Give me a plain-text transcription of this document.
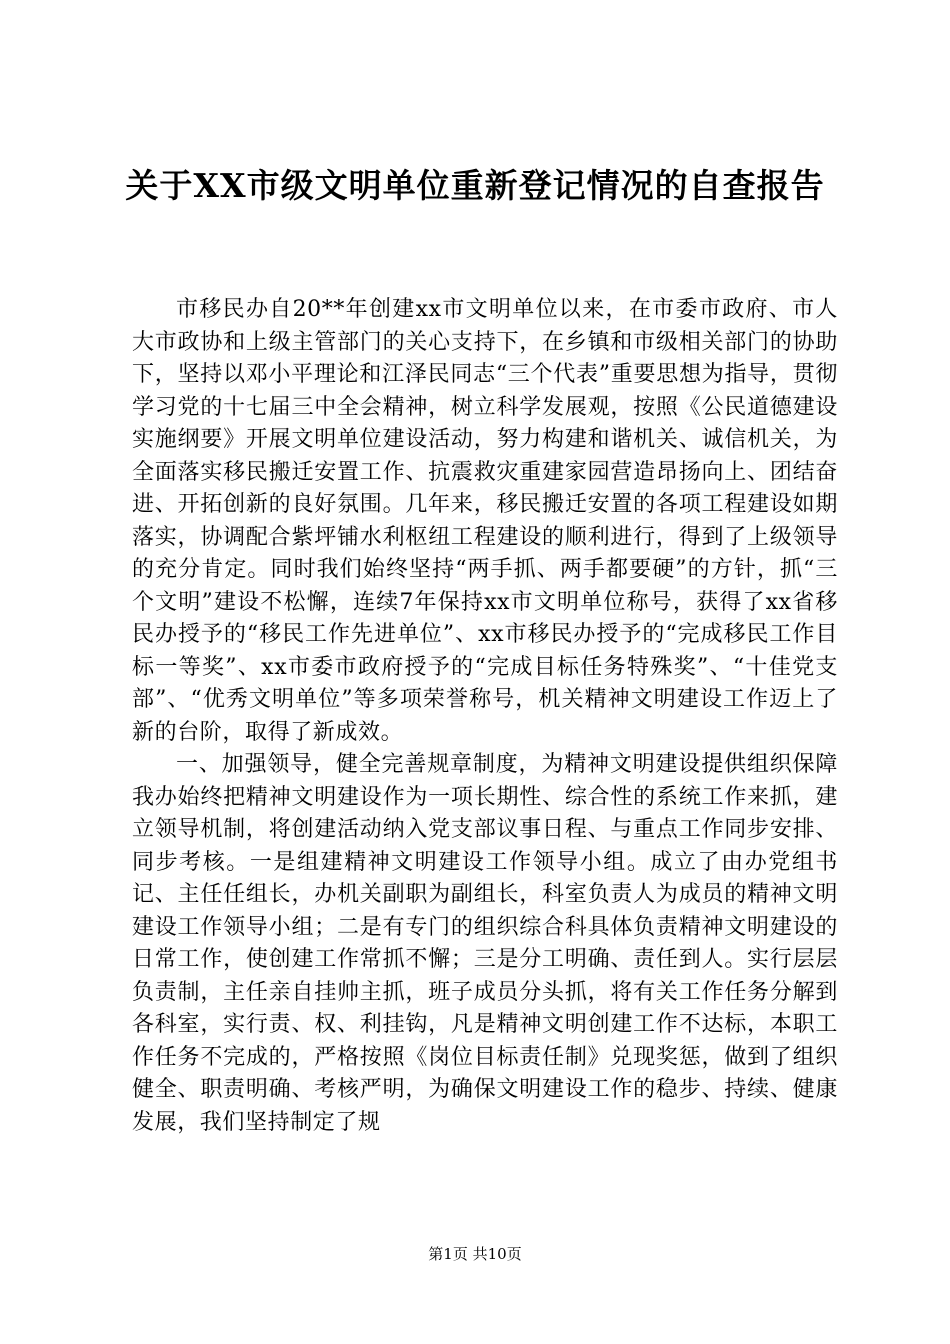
关于XX市级文明单位重新登记情况的自查报告

市移民办自20**年创建xx市文明单位以来，在市委市政府、市人大市政协和上级主管部门的关心支持下，在乡镇和市级相关部门的协助下，坚持以邓小平理论和江泽民同志“三个代表”重要思想为指导，贯彻学习党的十七届三中全会精神，树立科学发展观，按照《公民道德建设实施纲要》开展文明单位建设活动，努力构建和谐机关、诚信机关，为全面落实移民搬迁安置工作、抗震救灾重建家园营造昂扬向上、团结奋进、开拓创新的良好氛围。几年来，移民搬迁安置的各项工程建设如期落实，协调配合紫坪铺水利枢纽工程建设的顺利进行，得到了上级领导的充分肯定。同时我们始终坚持“两手抓、两手都要硬”的方针，抓“三个文明”建设不松懈，连续7年保持xx市文明单位称号，获得了xx省移民办授予的“移民工作先进单位”、xx市移民办授予的“完成移民工作目标一等奖”、xx市委市政府授予的“完成目标任务特殊奖”、“十佳党支部”、“优秀文明单位”等多项荣誉称号，机关精神文明建设工作迈上了新的台阶，取得了新成效。

一、加强领导，健全完善规章制度，为精神文明建设提供组织保障我办始终把精神文明建设作为一项长期性、综合性的系统工作来抓，建立领导机制，将创建活动纳入党支部议事日程、与重点工作同步安排、同步考核。一是组建精神文明建设工作领导小组。成立了由办党组书记、主任任组长，办机关副职为副组长，科室负责人为成员的精神文明建设工作领导小组；二是有专门的组织综合科具体负责精神文明建设的日常工作，使创建工作常抓不懈；三是分工明确、责任到人。实行层层负责制，主任亲自挂帅主抓，班子成员分头抓，将有关工作任务分解到各科室，实行责、权、利挂钩，凡是精神文明创建工作不达标，本职工作任务不完成的，严格按照《岗位目标责任制》兑现奖惩，做到了组织健全、职责明确、考核严明，为确保文明建设工作的稳步、持续、健康发展，我们坚持制定了规

第1页 共10页
